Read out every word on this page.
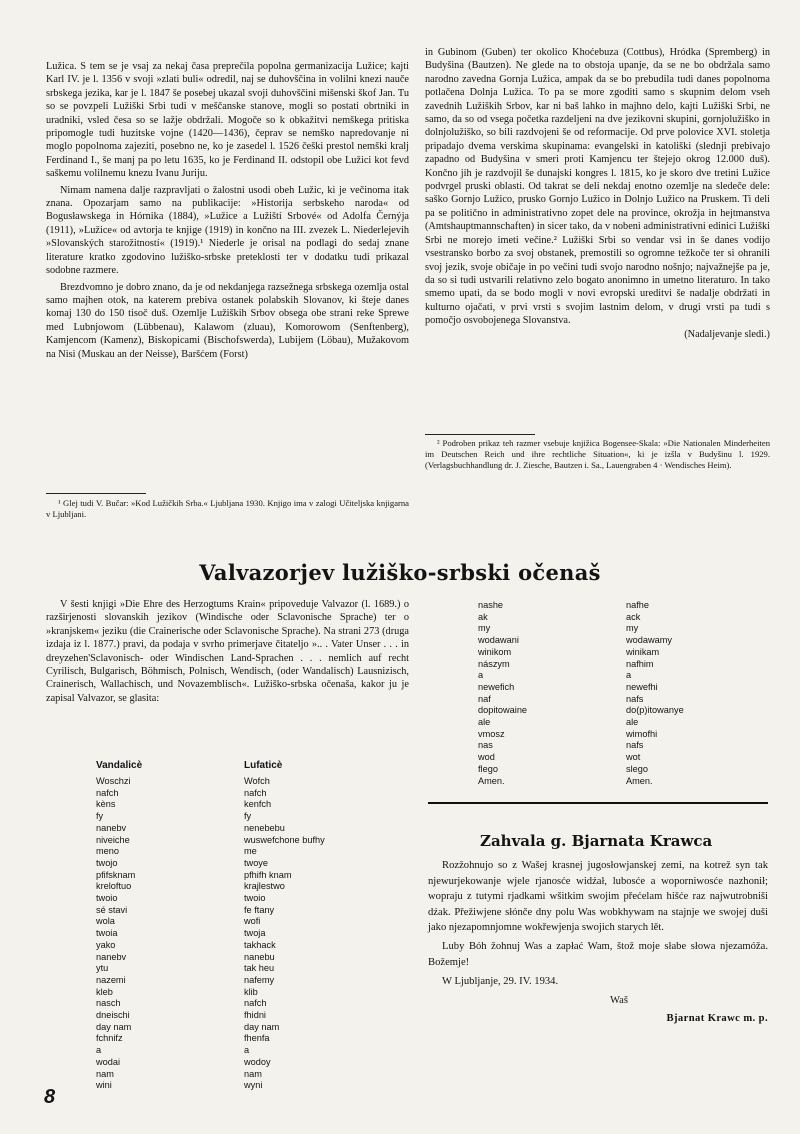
Lužica. S tem se je vsaj za nekaj časa preprečila popolna germanizacija Lužice; kajti Karl IV. je l. 1356 v svoji »zlati buli« odredil, naj se duhovščina in volilni knezi nauče srbskega jezika, kar je l. 1847 še posebej ukazal svoji duhovščini mišenski škof Jan. Tu so se povzpeli Lužiški Srbi tudi v meščanske stanove, mogli so postati obrtniki in uradniki, vsled česa so se lažje obdržali. Mogoče so k obkažitvi nemškega pritiska pripomogle tudi huzitske vojne (1420—1436), čeprav se nemško napredovanje ni moglo popolnoma zajeziti, posebno ne, ko je zasedel l. 1526 češki prestol nemški kralj Ferdinand I., še manj pa po letu 1635, ko je Ferdinand II. odstopil obe Lužici kot fevd saškemu volilnemu knezu Ivanu Juriju.

Nimam namena dalje razpravljati o žalostni usodi obeh Lužic, ki je večinoma itak znana. Opozarjam samo na publikacije: »Historija serbskeho naroda« od Bogusławskega in Hórnika (1884), »Lužice a Lužiští Srbové« od Adolfa Černýja (1911), »Lužice« od avtorja te knjige (1919) in končno na III. zvezek L. Niederlejevih »Slovanských starožitností« (1919).¹ Niederle je orisal na podlagi do sedaj znane literature kratko zgodovino lužiško-srbske preteklosti ter v dodatku tudi prikazal sodobne razmere.

Brezdvomno je dobro znano, da je od nekdanjega razsežnega srbskega ozemlja ostal samo majhen otok, na katerem prebiva ostanek polabskih Slovanov, ki šteje danes komaj 130 do 150 tisoč duš. Ozemlje Lužiških Srbov obsega obe strani reke Sprewe med Lubnjowom (Lübbenau), Kalawom (zluau), Komorowom (Senftenberg), Kamjencom (Kamenz), Biskopicami (Bischofswerda), Lubijem (Löbau), Mužakovom na Nisi (Muskau an der Neisse), Baršćem (Forst)

¹ Glej tudi V. Bučar: »Kod Lužičkih Srba.« Ljubljana 1930. Knjigo ima v zalogi Učiteljska knjigarna v Ljubljani.

in Gubinom (Guben) ter okolico Khoćebuza (Cottbus), Hródka (Spremberg) in Budyšina (Bautzen). Ne glede na to obstoja upanje, da se ne bo obdržala samo narodno zavedna Gornja Lužica, ampak da se bo prebudila tudi danes popolnoma potlačena Dolnja Lužica. To pa se more zgoditi samo s skupnim delom vseh zavednih Lužiških Srbov, kar ni baš lahko in majhno delo, kajti Lužiški Srbi, ne samo, da so od vsega početka razdeljeni na dve jezikovni skupini, gornjolužiško in dolnjolužiško, so bili razdvojeni še od reformacije. Od prve polovice XVI. stoletja pripadajo dvema verskima skupinama: evangelski in katoliški (slednji prebivajo zapadno od Budyšina v smeri proti Kamjencu ter štejejo okrog 12.000 duš). Končno jih je razdvojil še dunajski kongres l. 1815, ko je skoro dve tretini Lužice podvrgel pruski oblasti. Od takrat se deli nekdaj enotno ozemlje na sledeče dele: saško Gornjo Lužico, prusko Gornjo Lužico in Dolnjo Lužico na Pruskem. Ti deli pa se politično in administrativno zopet dele na province, okrožja in hejtmanstva (Amtshauptmannschaften) in sicer tako, da v nobeni administrativni edinici Lužiški Srbi ne morejo imeti večine.² Lužiški Srbi so vendar vsi in še danes vodijo vsestransko borbo za svoj obstanek, premostili so ogromne težkoče ter si ohranili svoj jezik, svoje običaje in po večini tudi svojo narodno nošnjo; najvažnejše pa je, da so si tudi ustvarili relativno zelo bogato anonimno in umetno literaturo. In tako smemo upati, da se bodo mogli v novi evropski ureditvi še nadalje obdržati in kulturno ojačati, v prvi vrsti s svojim lastnim delom, v drugi vrsti pa tudi s pomočjo osvobojenega Slovanstva.

(Nadaljevanje sledi.)

² Podroben prikaz teh razmer vsebuje knjižica Bogensee-Skala: »Die Nationalen Minderheiten im Deutschen Reich und ihre rechtliche Situation«, ki je izšla v Budyšinu l. 1929. (Verlagsbuchhandlung dr. J. Ziesche, Bautzen i. Sa., Lauengraben 4 · Wendisches Heim).

Valvazorjev lužiško-srbski očenaš

V šesti knjigi »Die Ehre des Herzogtums Krain« pripoveduje Valvazor (l. 1689.) o razširjenosti slovanskih jezikov (Windische oder Sclavonische Sprache) ter o »kranjskem« jeziku (die Crainerische oder Sclavonische Sprache). Na strani 273 (druga izdaja iz l. 1877.) pravi, da podaja v svrho primerjave čitateljo ».. . Vater Unser . . . in dreyzehen'Sclavonisch- oder Windischen Land-Sprachen . . . nemlich auf recht Cyrilisch, Bulgarisch, Böhmisch, Polnisch, Wendisch, (oder Wandalisch) Lausnizisch, Crainerisch, Wallachisch, und Novazemblisch«. Lužiško-srbska očenaša, kakor ju je zapisal Valvazor, se glasita:

Vandalicè	Lufaticè
Woschzi
nafch
kèns
fy
nanebv
niveiche
meno
twojo
pfifsknam
kreloftuo
twoio
sé stavi
wola
twoia
yako
nanebv
ytu
nazemi
kleb
nasch
dneischi
day nam
fchnifz
a
wodai
nam
wini
Wofch
nafch
kenfch
fy
nenebebu
wuswefchone bufhy
me
twoye
pfhifh knam
krajlestwo
twoio
fe ftany
wofi
twoja
takhack
nanebu
tak heu
nafemy
klib
nafch
fhidni
day nam
fhenfa
a
wodoy
nam
wyni
nashe
ak
my
wodawani
winikom
nászym
a
newefich
naf
dopitowaine
ale
vmosz
nas
wod
flego
Amen.
nafhe
ack
my
wodawamy
winikam
nafhim
a
newefhi
nafs
do(p)itowanye
ale
wimofhi
nafs
wot
slego
Amen.
Zahvala g. Bjarnata Krawca

Rozžohnujo so z Wašej krasnej jugosłowjanskej zemi, na kotrež syn tak njewurjekowanje wjele rjanosće widźał, lubosće a woporniwosće nazhonił; wopraju z tutymi rjadkami wšitkim swojim přećelam hišće raz najwutrobniši dźak. Přežiwjene słónče dny polu Was wobkhywam na stajnje we swojej duši jako njezapomnjomne wokřewjenja swojich starych lět.

Luby Bóh žohnuj Was a zapłać Wam, štož moje słabe słowa njezamóža. Božemje!

W Ljubljanje, 29. IV. 1934.

Waš

Bjarnat Krawc m. p.

8
